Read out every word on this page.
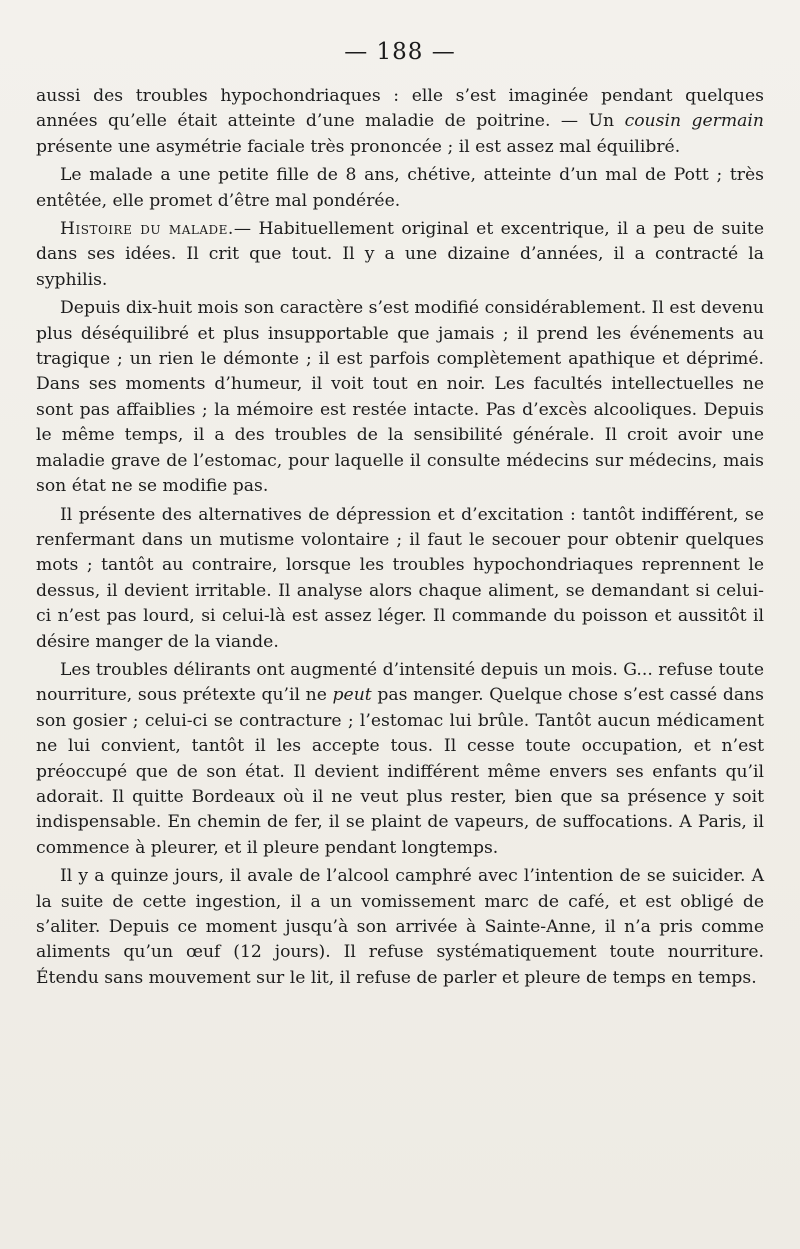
— 188 —

aussi des troubles hypochondriaques : elle s’est imaginée pendant quelques années qu’elle était atteinte d’une maladie de poitrine. — Un cousin germain présente une asymétrie faciale très prononcée ; il est assez mal équilibré.

Le malade a une petite fille de 8 ans, chétive, atteinte d’un mal de Pott ; très entêtée, elle promet d’être mal pondérée.

Histoire du malade.— Habituellement original et excentrique, il a peu de suite dans ses idées. Il crit que tout. Il y a une dizaine d’années, il a contracté la syphilis.

Depuis dix-huit mois son caractère s’est modifié considérablement. Il est devenu plus déséquilibré et plus insupportable que jamais ; il prend les événements au tragique ; un rien le démonte ; il est parfois complètement apathique et déprimé. Dans ses moments d’humeur, il voit tout en noir. Les facultés intellectuelles ne sont pas affaiblies ; la mémoire est restée intacte. Pas d’excès alcooliques. Depuis le même temps, il a des troubles de la sensibilité générale. Il croit avoir une maladie grave de l’estomac, pour laquelle il consulte médecins sur médecins, mais son état ne se modifie pas.

Il présente des alternatives de dépression et d’excitation : tantôt indifférent, se renfermant dans un mutisme volontaire ; il faut le secouer pour obtenir quelques mots ; tantôt au contraire, lorsque les troubles hypochondriaques reprennent le dessus, il devient irritable. Il analyse alors chaque aliment, se demandant si celui-ci n’est pas lourd, si celui-là est assez léger. Il commande du poisson et aussitôt il désire manger de la viande.

Les troubles délirants ont augmenté d’intensité depuis un mois. G... refuse toute nourriture, sous prétexte qu’il ne peut pas manger. Quelque chose s’est cassé dans son gosier ; celui-ci se contracture ; l’estomac lui brûle. Tantôt aucun médicament ne lui convient, tantôt il les accepte tous. Il cesse toute occupation, et n’est préoccupé que de son état. Il devient indifférent même envers ses enfants qu’il adorait. Il quitte Bordeaux où il ne veut plus rester, bien que sa présence y soit indispensable. En chemin de fer, il se plaint de vapeurs, de suffocations. A Paris, il commence à pleurer, et il pleure pendant longtemps.

Il y a quinze jours, il avale de l’alcool camphré avec l’intention de se suicider. A la suite de cette ingestion, il a un vomissement marc de café, et est obligé de s’aliter. Depuis ce moment jusqu’à son arrivée à Sainte-Anne, il n’a pris comme aliments qu’un œuf (12 jours). Il refuse systématiquement toute nourriture. Étendu sans mouvement sur le lit, il refuse de parler et pleure de temps en temps.
